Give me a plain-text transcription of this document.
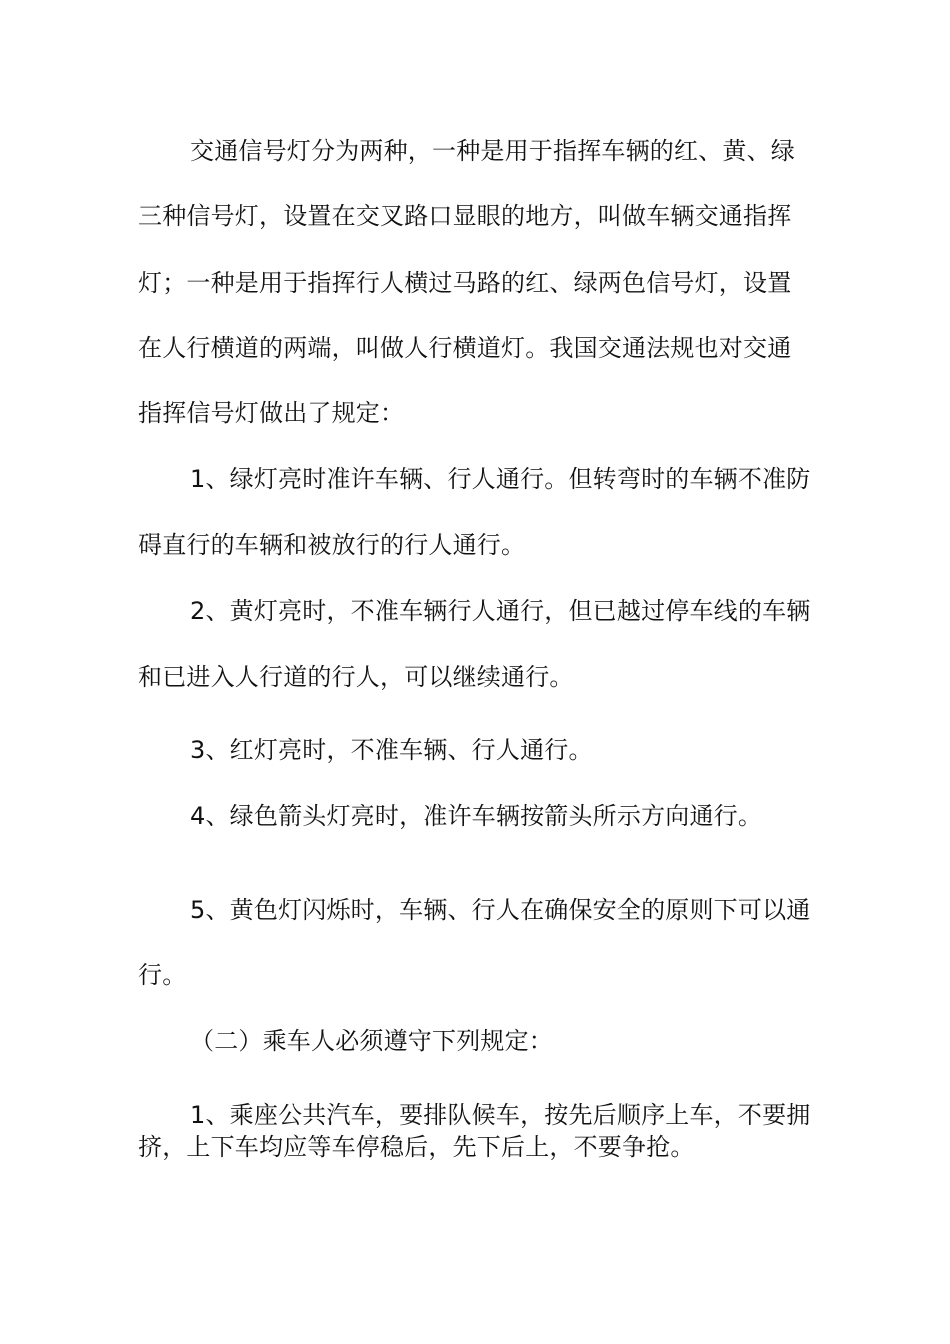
交通信号灯分为两种，一种是用于指挥车辆的红、黄、绿
三种信号灯，设置在交叉路口显眼的地方，叫做车辆交通指挥
灯；一种是用于指挥行人横过马路的红、绿两色信号灯，设置
在人行横道的两端，叫做人行横道灯。我国交通法规也对交通
指挥信号灯做出了规定：
1、绿灯亮时准许车辆、行人通行。但转弯时的车辆不准防
碍直行的车辆和被放行的行人通行。
2、黄灯亮时，不准车辆行人通行，但已越过停车线的车辆
和已进入人行道的行人，可以继续通行。
3、红灯亮时，不准车辆、行人通行。
4、绿色箭头灯亮时，准许车辆按箭头所示方向通行。
5、黄色灯闪烁时，车辆、行人在确保安全的原则下可以通
行。
（二）乘车人必须遵守下列规定：
1、乘座公共汽车，要排队候车，按先后顺序上车，不要拥
挤，上下车均应等车停稳后，先下后上，不要争抢。
